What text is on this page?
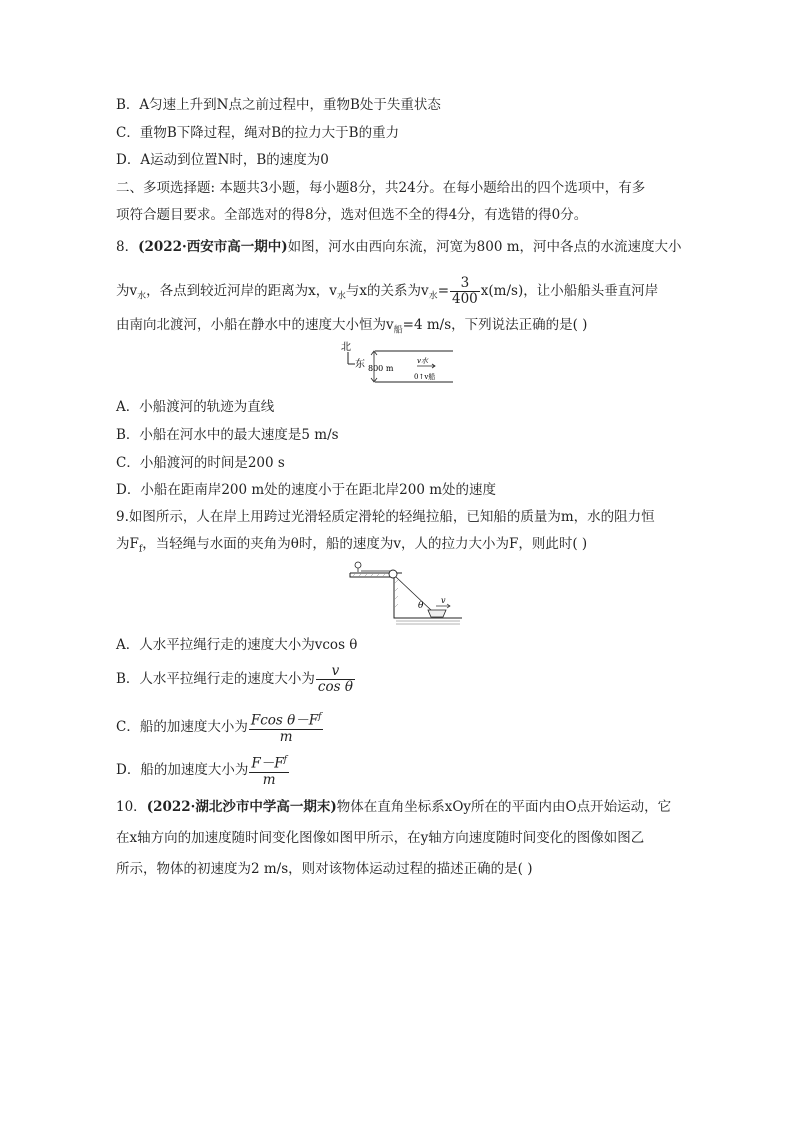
B．A匀速上升到N点之前过程中，重物B处于失重状态
C．重物B下降过程，绳对B的拉力大于B的重力
D．A运动到位置N时，B的速度为0
二、多项选择题: 本题共3小题，每小题8分，共24分。在每小题给出的四个选项中，有多
项符合题目要求。全部选对的得8分，选对但选不全的得4分，有选错的得0分。
8．(2022·西安市高一期中)如图，河水由西向东流，河宽为800 m，河中各点的水流速度大小
为$v_水$，各点到较近河岸的距离为x，$v_水$与x的关系为$v_水= \frac{3}{400} x(m/s)$，让小船船头垂直河岸
由南向北渡河，小船在静水中的速度大小恒为$v_船=4$ m/s，下列说法正确的是( )
北
东 800 m
v水
0↑v船
A．小船渡河的轨迹为直线
B．小船在河水中的最大速度是5 m/s
C．小船渡河的时间是200 s
D．小船在距南岸200 m处的速度小于在距北岸200 m处的速度
9.如图所示，人在岸上用跨过光滑轻质定滑轮的轻绳拉船，已知船的质量为m，水的阻力恒
为$F_f$，当轻绳与水面的夹角为θ时，船的速度为v，人的拉力大小为F，则此时( )
θ
v
A．人水平拉绳行走的速度大小为vcos θ
B．人水平拉绳行走的速度大小为 $\frac{v}{\text{cos θ}}$
C．船的加速度大小为 $\frac{Fcos \theta-F^f}{m}$
D．船的加速度大小为 $\frac{F-F^f}{m}$
10．(2022·湖北沙市中学高一期末)物体在直角坐标系xOy所在的平面内由O点开始运动，它
在x轴方向的加速度随时间变化图像如图甲所示，在y轴方向速度随时间变化的图像如图乙
所示，物体的初速度为2 m/s，则对该物体运动过程的描述正确的是( )
